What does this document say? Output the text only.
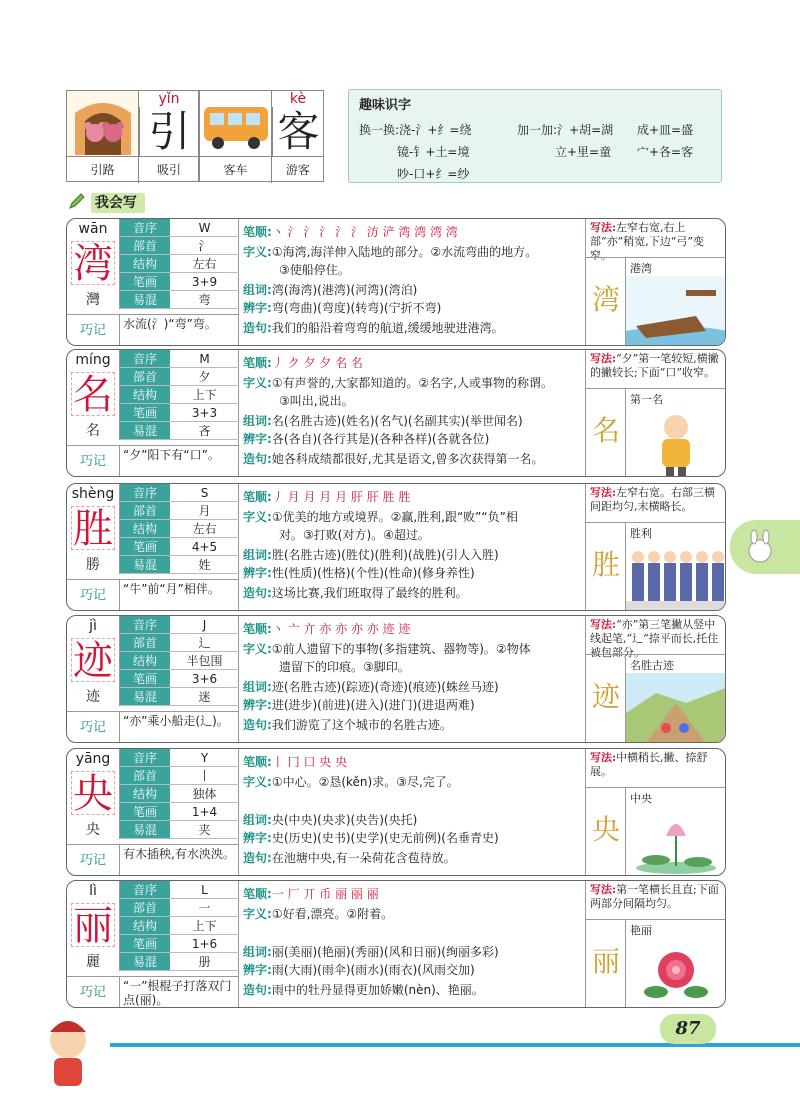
yǐn
引
引路	吸引
kè
客
客车	游客
趣味识字
换一换:浇-氵+纟=绕	加一加:氵+胡=湖 成+皿=盛
镜-钅+土=境	立+里=童 宀+各=客
吵-口+纟=纱
我会写
wān
湾
灣
音序	W
部首	氵
结构	左右
笔画	3+9
易混	弯
巧记	水流(氵)“弯”弯。
笔顺:丶 氵 氵 氵 氵 氵 汸 浐 湾 湾 湾 湾
字义:①海湾,海洋伸入陆地的部分。②水流弯曲的地方。
③使船停住。
组词:湾(海湾)(港湾)(河湾)(湾泊)
辨字:弯(弯曲)(弯度)(转弯)(宁折不弯)
造句:我们的船沿着弯弯的航道,缓缓地驶进港湾。
写法:左窄右宽,右上部“亦”稍宽,下边“弓”变窄。
湾
港湾
míng
名
名
音序	M
部首	夕
结构	上下
笔画	3+3
易混	吝
巧记	“夕”阳下有“口”。
笔顺:丿 ク 夕 夕 名 名
字义:①有声誉的,大家都知道的。②名字,人或事物的称谓。
③叫出,说出。
组词:名(名胜古迹)(姓名)(名气)(名副其实)(举世闻名)
辨字:各(各自)(各行其是)(各种各样)(各就各位)
造句:她各科成绩都很好,尤其是语文,曾多次获得第一名。
写法:“夕”第一笔较短,横撇的撇较长;下面“口”收窄。
名
第一名
shèng
胜
勝
音序	S
部首	月
结构	左右
笔画	4+5
易混	姓
巧记	“牛”前“月”相伴。
笔顺:丿 月 月 月 月 肝 肝 胜 胜
字义:①优美的地方或境界。②赢,胜利,跟“败”“负”相
对。③打败(对方)。④超过。
组词:胜(名胜古迹)(胜仗)(胜利)(战胜)(引人入胜)
辨字:性(性质)(性格)(个性)(性命)(修身养性)
造句:这场比赛,我们班取得了最终的胜利。
写法:左窄右宽。右部三横间距均匀,末横略长。
胜
胜利
jì
迹
迹
音序	J
部首	辶
结构	半包围
笔画	3+6
易混	迷
巧记	“亦”乘小船走(辶)。
笔顺:丶 亠 亣 亦 亦 亦 亦 迹 迹
字义:①前人遗留下的事物(多指建筑、器物等)。②物体
遗留下的印痕。③脚印。
组词:迹(名胜古迹)(踪迹)(奇迹)(痕迹)(蛛丝马迹)
辨字:进(进步)(前进)(进入)(进门)(进退两难)
造句:我们游览了这个城市的名胜古迹。
写法:“亦”第三笔撇从竖中线起笔,“辶”捺平而长,托住被包部分。
迹
名胜古迹
yāng
央
央
音序	Y
部首	丨
结构	独体
笔画	1+4
易混	夹
巧记	有木插秧,有水泱泱。
笔顺:丨 冂 口 央 央
字义:①中心。②恳(kěn)求。③尽,完了。
组词:央(中央)(央求)(央告)(央托)
辨字:史(历史)(史书)(史学)(史无前例)(名垂青史)
造句:在池塘中央,有一朵荷花含苞待放。
写法:中横稍长,撇、捺舒展。
央
中央
lì
丽
麗
音序	L
部首	一
结构	上下
笔画	1+6
易混	册
巧记	“一”根棍子打落双门点(丽)。
笔顺:一 厂 丌 币 丽 丽 丽
字义:①好看,漂亮。②附着。
组词:丽(美丽)(艳丽)(秀丽)(风和日丽)(绚丽多彩)
辨字:雨(大雨)(雨伞)(雨水)(雨衣)(风雨交加)
造句:雨中的牡丹显得更加娇嫩(nèn)、艳丽。
写法:第一笔横长且直;下面两部分间隔均匀。
丽
艳丽
87
